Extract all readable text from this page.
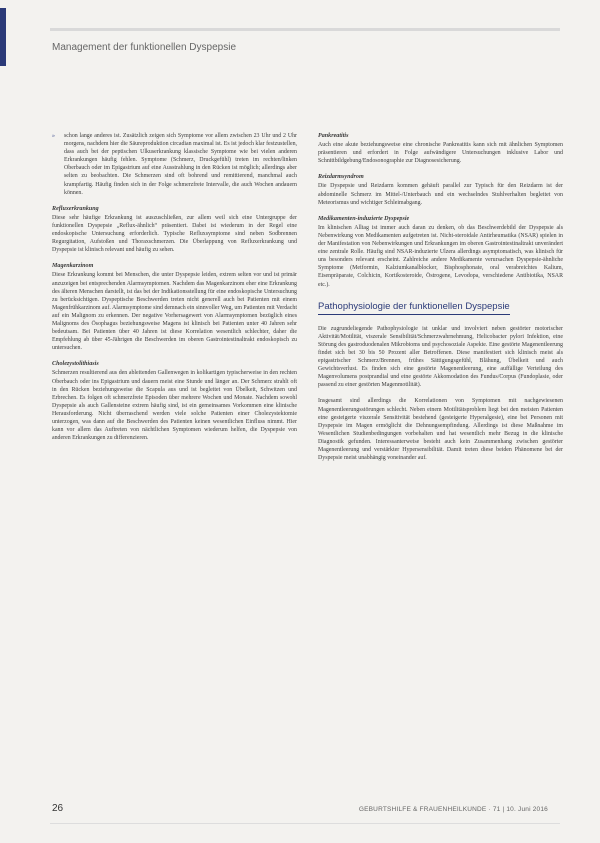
Management der funktionellen Dyspepsie
» schon lange anderes ist. Zusätzlich zeigen sich Symptome vor allem zwischen 23 Uhr und 2 Uhr morgens, nachdem hier die Säureproduktion circadian maximal ist. Es ist jedoch klar festzustellen, dass auch bei der peptischen Ulkuserkrankung klassische Symptome wie bei vielen anderen Erkrankungen häufig fehlen. Symptome (Schmerz, Druckgefühl) treten im rechten/linken Oberbauch oder im Epigastrium auf eine Ausstrahlung in den Rücken ist möglich; allerdings aber selten zu beobachten. Die Schmerzen sind oft bohrend und remittierend, manchmal auch krampfartig. Häufig finden sich in der Folge schmerzfreie Intervalle, die auch Wochen andauern können.
Refluxerkrankung
Diese sehr häufige Erkrankung ist auszuschließen, zur allem weil sich eine Untergruppe der funktionellen Dyspepsie „Reflux-ähnlich“ präsentiert. Dabei ist wiederum in der Regel eine endoskopische Untersuchung erforderlich. Typische Refluxsymptome sind neben Sodbrennen Regurgitation, Aufstoßen und Thoraxschmerzen. Die Überlappung von Refluxerkrankung und Dyspepsie ist klinisch relevant und häufig zu sehen.
Magenkarzinom
Diese Erkrankung kommt bei Menschen, die unter Dyspepsie leiden, extrem selten vor und ist primär anzuzeigen bei entsprechenden Alarmsymptomen. Nachdem das Magenkarzinom eher eine Erkrankung des älteren Menschen darstellt, ist das bei der Indikationsstellung für eine endoskopische Untersuchung zu berücksichtigen. Dyspeptische Beschwerden treten nicht generell auch bei Patienten mit einem Magenfrühkarzinom auf. Alarmsymptome sind demnach ein sinnvoller Weg, um Patienten mit Verdacht auf ein Malignom zu erkennen. Der negative Vorhersagewert von Alarmsymptomen bezüglich eines Malignoms des Ösophagus beziehungsweise Magens ist klinisch bei Patienten unter 40 Jahren sehr bedeutsam. Bei Patienten über 40 Jahren ist diese Korrelation wesentlich schlechter, daher die Empfehlung ab über 45-Jährigen die Beschwerden im oberen Gastrointestinaltrakt endoskopisch zu untersuchen.
Cholezystolithiasis
Schmerzen resultierend aus den ableitenden Gallenwegen in kolikartigen typischerweise in den rechten Oberbauch oder ins Epigastrium und dauern meist eine Stunde und länger an. Der Schmerz strahlt oft in den Rücken beziehungsweise die Scapula aus und ist begleitet von Übelkeit, Schwitzen und Erbrechen. Es folgen oft schmerzfreie Episoden über mehrere Wochen und Monate. Nachdem sowohl Dyspepsie als auch Gallensteine extrem häufig sind, ist ein gemeinsames Vorkommen eine klinische Herausforderung. Nicht überraschend werden viele solche Patienten einer Cholezystektomie unterzogen, was dann auf die Beschwerden des Patienten keinen wesentlichen Einfluss nimmt. Hier kann vor allem das Auftreten von nächtlichen Symptomen wiederum helfen, die Dyspepsie von anderen Erkrankungen zu differenzieren.
Pankreatitis
Auch eine akute beziehungsweise eine chronische Pankreatitis kann sich mit ähnlichen Symptomen präsentieren und erfordert in Folge aufwändigere Untersuchungen inklusive Labor und Schnittbildgebung/Endosonographie zur Diagnosesicherung.
Reizdarmsyndrom
Die Dyspepsie und Reizdarm kommen gehäuft parallel zur Typisch für den Reizdarm ist der abdominelle Schmerz im Mittel-/Unterbauch und ein wechselndes Stuhlverhalten begleitet von Meteorismus und wichtiger Schleimabgang.
Medikamenten-induzierte Dyspepsie
Im klinischen Alltag ist immer auch daran zu denken, ob das Beschwerdebild der Dyspepsie als Nebenwirkung von Medikamenten aufgetreten ist. Nicht-steroidale Antirheumatika (NSAR) spielen in der Manifestation von Nebenwirkungen und Erkrankungen im oberen Gastrointestinaltrakt unverändert eine zentrale Rolle. Häufig sind NSAR-induzierte Ulzera allerdings asymptomatisch, was klinisch für uns besonders relevant erscheint. Zahlreiche andere Medikamente verursachen Dyspepsie-ähnliche Symptome (Metformin, Kalziumkanalblocker, Bisphosphonate, oral verabreichtes Kalium, Eisenpräparate, Colchicin, Kortikosteroide, Östrogene, Levodopa, verschiedene Antibiotika, NSAR etc.).
Pathophysiologie der funktionellen Dyspepsie
Die zugrundeliegende Pathophysiologie ist unklar und involviert neben gestörter motorischer Aktivität/Motilität, viszerale Sensibilität/Schmerzwahrnehmung, Helicobacter pylori Infektion, eine Störung des gastroduodenalen Mikrobioms und psychosoziale Aspekte. Eine gestörte Magenentleerung findet sich bei 30 bis 50 Prozent aller Betroffenen. Diese manifestiert sich klinisch meist als epigastrischer Schmerz/Brennen, frühes Sättigungsgefühl, Blähung, Übelkeit und auch Gewichtsverlust. Es finden sich eine gestörte Magenentleerung, eine auffällige Verteilung des Magenvolumens postprandial und eine gestörte Akkomodation des Fundus/Corpus (Fundoplasie, oder passend zu einer gestörten Magenmotilität).
Insgesamt sind allerdings die Korrelationen von Symptomen mit nachgewiesenen Magenentleerungsstörungen schlecht. Neben einem Motilitätsproblem liegt bei den meisten Patienten eine gesteigerte viszerale Sensitivität bestehend (gesteigerte Hyperalgesie), eine bei Personen mit Dyspepsie im Magen ermöglicht die Dehnungsempfindung. Allerdings ist diese Maßnahme im Wesentlichen Studienbedingungen vorbehalten und hat wesentlich mehr Bezug in die klinische Diagnostik gefunden. Interessanterweise besteht auch kein Zusammenhang zwischen gestörter Magenentleerung und verstärkter Hypersensibilität. Damit treten diese beiden Phänomene bei der Dyspepsie meist unabhängig voneinander auf.
26	GEBURTSHILFE & FRAUENHEILKUNDE · 71 | 10. Juni 2016
